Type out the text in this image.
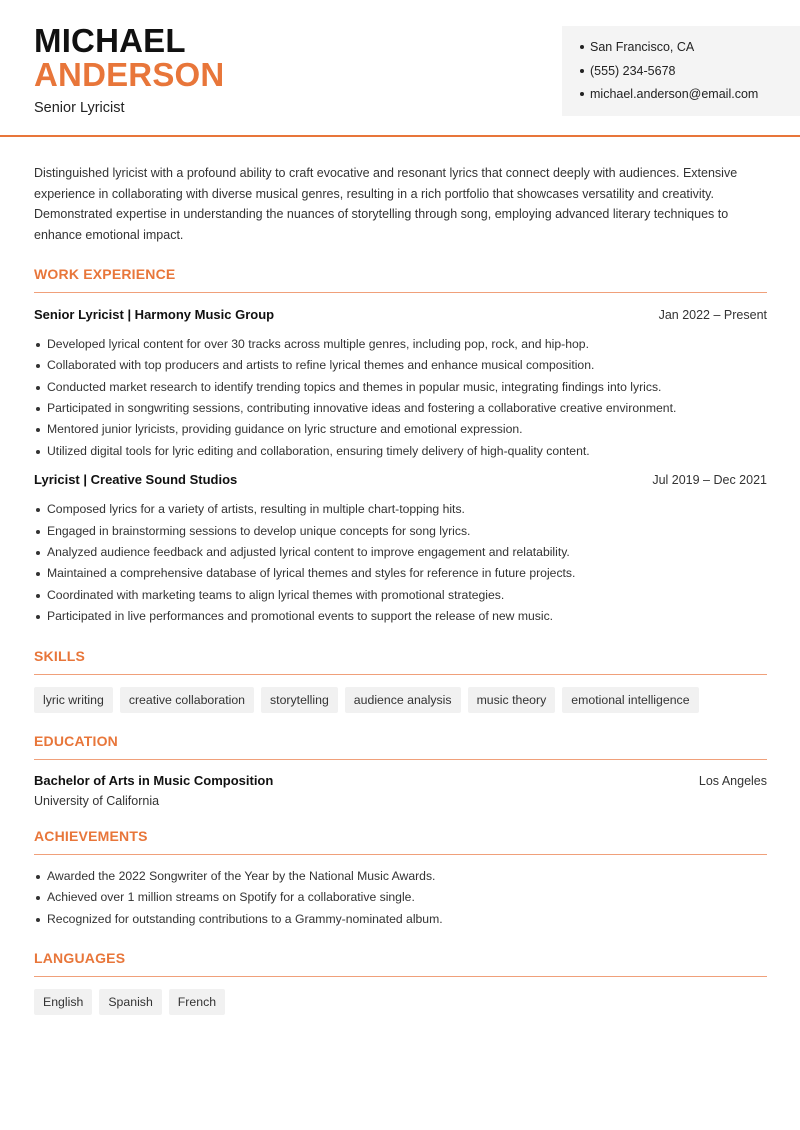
MICHAEL
ANDERSON
Senior Lyricist
San Francisco, CA
(555) 234-5678
michael.anderson@email.com

Distinguished lyricist with a profound ability to craft evocative and resonant lyrics that connect deeply with audiences. Extensive experience in collaborating with diverse musical genres, resulting in a rich portfolio that showcases versatility and creativity. Demonstrated expertise in understanding the nuances of storytelling through song, employing advanced literary techniques to enhance emotional impact.

WORK EXPERIENCE
Senior Lyricist | Harmony Music Group	Jan 2022 – Present
Developed lyrical content for over 30 tracks across multiple genres, including pop, rock, and hip-hop.
Collaborated with top producers and artists to refine lyrical themes and enhance musical composition.
Conducted market research to identify trending topics and themes in popular music, integrating findings into lyrics.
Participated in songwriting sessions, contributing innovative ideas and fostering a collaborative creative environment.
Mentored junior lyricists, providing guidance on lyric structure and emotional expression.
Utilized digital tools for lyric editing and collaboration, ensuring timely delivery of high-quality content.
Lyricist | Creative Sound Studios	Jul 2019 – Dec 2021
Composed lyrics for a variety of artists, resulting in multiple chart-topping hits.
Engaged in brainstorming sessions to develop unique concepts for song lyrics.
Analyzed audience feedback and adjusted lyrical content to improve engagement and relatability.
Maintained a comprehensive database of lyrical themes and styles for reference in future projects.
Coordinated with marketing teams to align lyrical themes with promotional strategies.
Participated in live performances and promotional events to support the release of new music.
SKILLS
lyric writing	creative collaboration	storytelling	audience analysis	music theory	emotional intelligence
EDUCATION
Bachelor of Arts in Music Composition	Los Angeles
University of California
ACHIEVEMENTS
Awarded the 2022 Songwriter of the Year by the National Music Awards.
Achieved over 1 million streams on Spotify for a collaborative single.
Recognized for outstanding contributions to a Grammy-nominated album.
LANGUAGES
English	Spanish	French
